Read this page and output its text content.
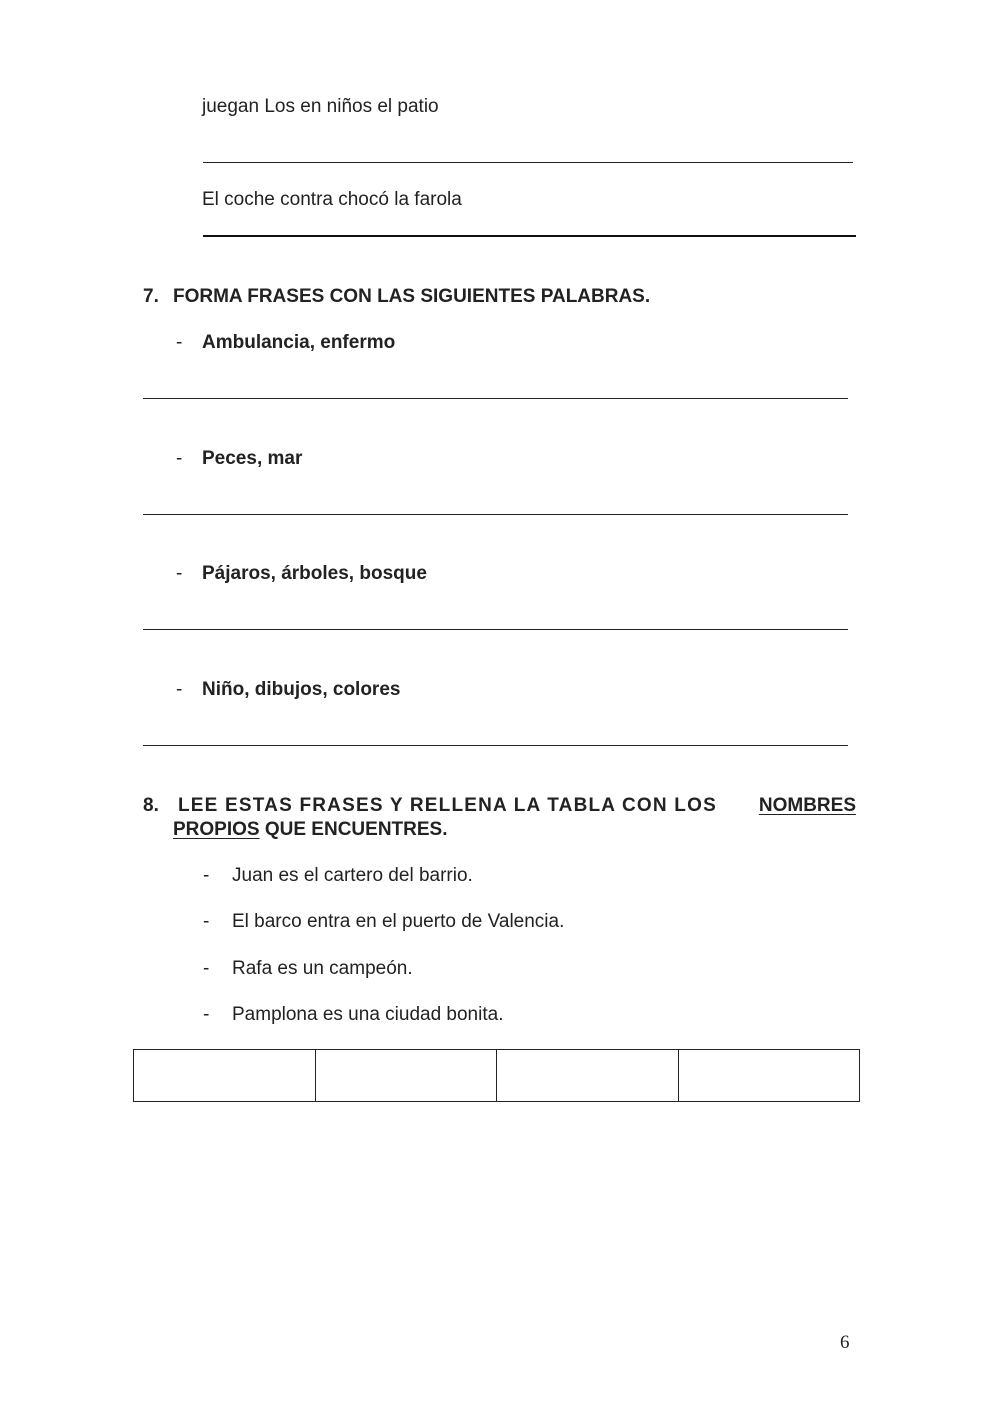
juegan Los en niños el patio
El coche contra chocó la farola
7. FORMA FRASES CON LAS SIGUIENTES PALABRAS.
- Ambulancia, enfermo
- Peces, mar
- Pájaros, árboles, bosque
- Niño, dibujos, colores
8. LEE ESTAS FRASES Y RELLENA LA TABLA CON LOS NOMBRES
PROPIOS QUE ENCUENTRES.
- Juan es el cartero del barrio.
- El barco entra en el puerto de Valencia.
- Rafa es un campeón.
- Pamplona es una ciudad bonita.

6
